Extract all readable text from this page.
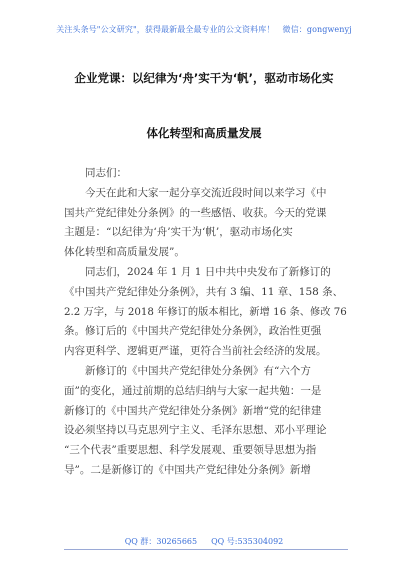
关注头条号"公文研究"，获得最新最全最专业的公文资料库！　微信：gongwenyj
企业党课：以纪律为‘舟’实干为‘帆’，驱动市场化实
体化转型和高质量发展
　　同志们：
　　今天在此和大家一起分享交流近段时间以来学习《中
国共产党纪律处分条例》的一些感悟、收获。今天的党课
主题是：“以纪律为‘舟’实干为‘帆’，驱动市场化实
体化转型和高质量发展”。
　　同志们，2024 年 1 月 1 日中共中央发布了新修订的
《中国共产党纪律处分条例》，共有 3 编、11 章、158 条、
2.2 万字，与 2018 年修订的版本相比，新增 16 条、修改 76
条。修订后的《中国共产党纪律处分条例》，政治性更强
内容更科学、逻辑更严谨，更符合当前社会经济的发展。
　　新修订的《中国共产党纪律处分条例》有“六个方
面”的变化，通过前期的总结归纳与大家一起共勉：一是
新修订的《中国共产党纪律处分条例》新增“党的纪律建
设必须坚持以马克思列宁主义、毛泽东思想、邓小平理论
“三个代表”重要思想、科学发展观、重要领导思想为指
导”。二是新修订的《中国共产党纪律处分条例》新增
QQ 群：30265665 QQ 号:535304092
